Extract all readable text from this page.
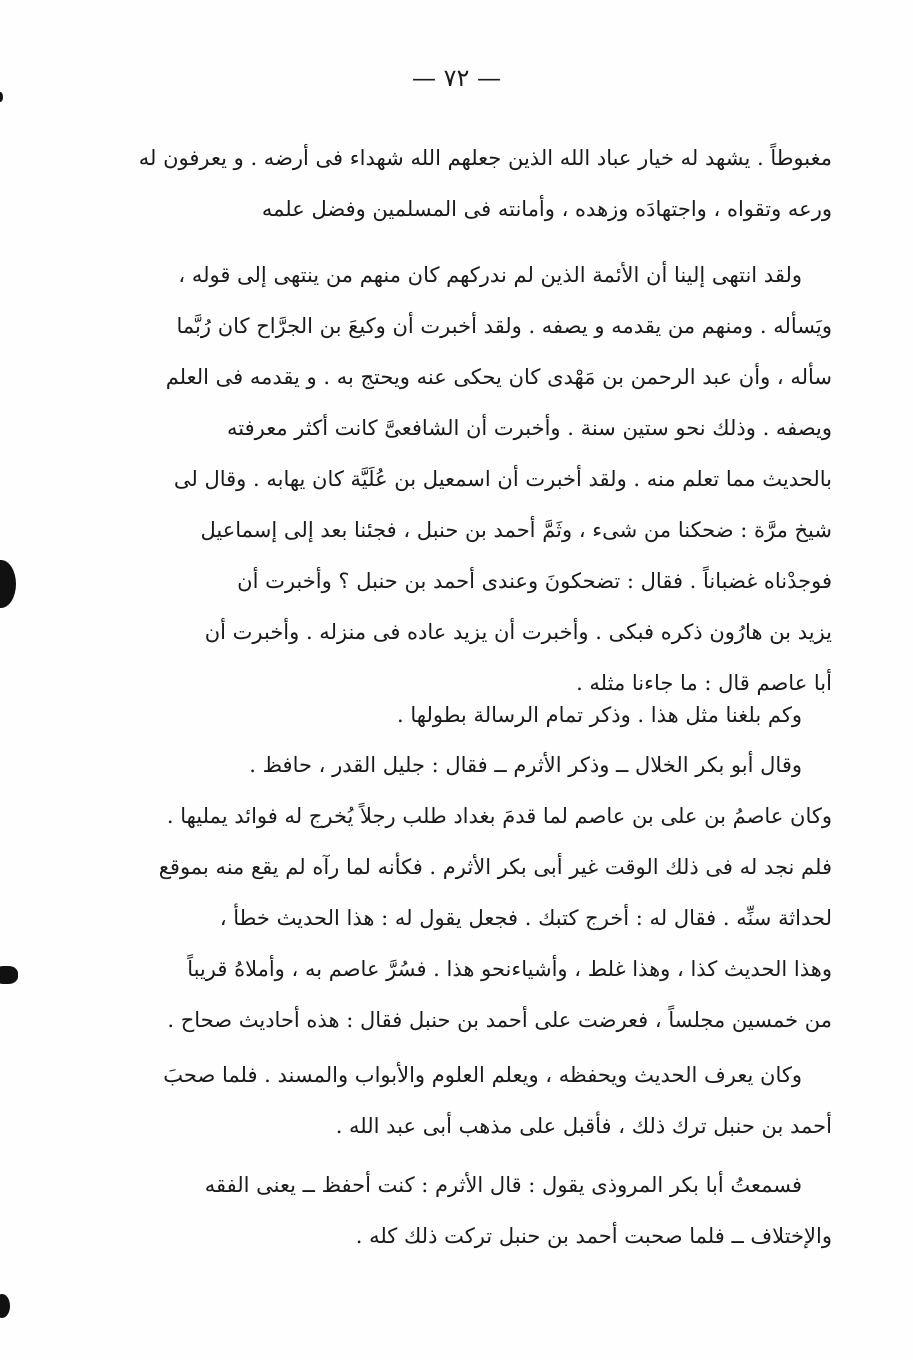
— ٧٢ —
مغبوطاً . يشهد له خيار عباد الله الذين جعلهم الله شهداء فى أرضه . و يعرفون له
ورعه وتقواه ، واجتهادَه وزهده ، وأمانته فى المسلمين وفضل علمه
ولقد انتهى إلينا أن الأئمة الذين لم ندركهم كان منهم من ينتهى إلى قوله ،
ويَسأله . ومنهم من يقدمه و يصفه . ولقد أخبرت أن وكيعَ بن الجرَّاح كان رُبَّما
سأله ، وأن عبد الرحمن بن مَهْدى كان يحكى عنه ويحتج به . و يقدمه فى العلم
ويصفه . وذلك نحو ستين سنة . وأخبرت أن الشافعىَّ كانت أكثر معرفته
بالحديث مما تعلم منه . ولقد أخبرت أن اسمعيل بن عُلَيَّة كان يهابه . وقال لى
شيخ مرَّة : ضحكنا من شىء ، وثَمَّ أحمد بن حنبل ، فجئنا بعد إلى إسماعيل
فوجدْناه غضباناً . فقال : تضحكونَ وعندى أحمد بن حنبل ؟ وأخبرت أن
يزيد بن هارُون ذكره فبكى . وأخبرت أن يزيد عاده فى منزله . وأخبرت أن
أبا عاصم قال : ما جاءنا مثله .
وكم بلغنا مثل هذا . وذكر تمام الرسالة بطولها .
وقال أبو بكر الخلال ــ وذكر الأثرم ــ فقال : جليل القدر ، حافظ .
وكان عاصمُ بن على بن عاصم لما قدمَ بغداد طلب رجلاً يُخرج له فوائد يمليها .
فلم نجد له فى ذلك الوقت غير أبى بكر الأثرم . فكأنه لما رآه لم يقع منه بموقع
لحداثة سنِّه . فقال له : أخرج كتبك . فجعل يقول له : هذا الحديث خطأ ،
وهذا الحديث كذا ، وهذا غلط ، وأشياءنحو هذا . فسُرَّ عاصم به ، وأملاهُ قريباً
من خمسين مجلساً ، فعرضت على أحمد بن حنبل فقال : هذه أحاديث صحاح .
وكان يعرف الحديث ويحفظه ، ويعلم العلوم والأبواب والمسند . فلما صحبَ
أحمد بن حنبل ترك ذلك ، فأقبل على مذهب أبى عبد الله .
فسمعتُ أبا بكر المروذى يقول : قال الأثرم : كنت أحفظ ــ يعنى الفقه
والإختلاف ــ فلما صحبت أحمد بن حنبل تركت ذلك كله .
